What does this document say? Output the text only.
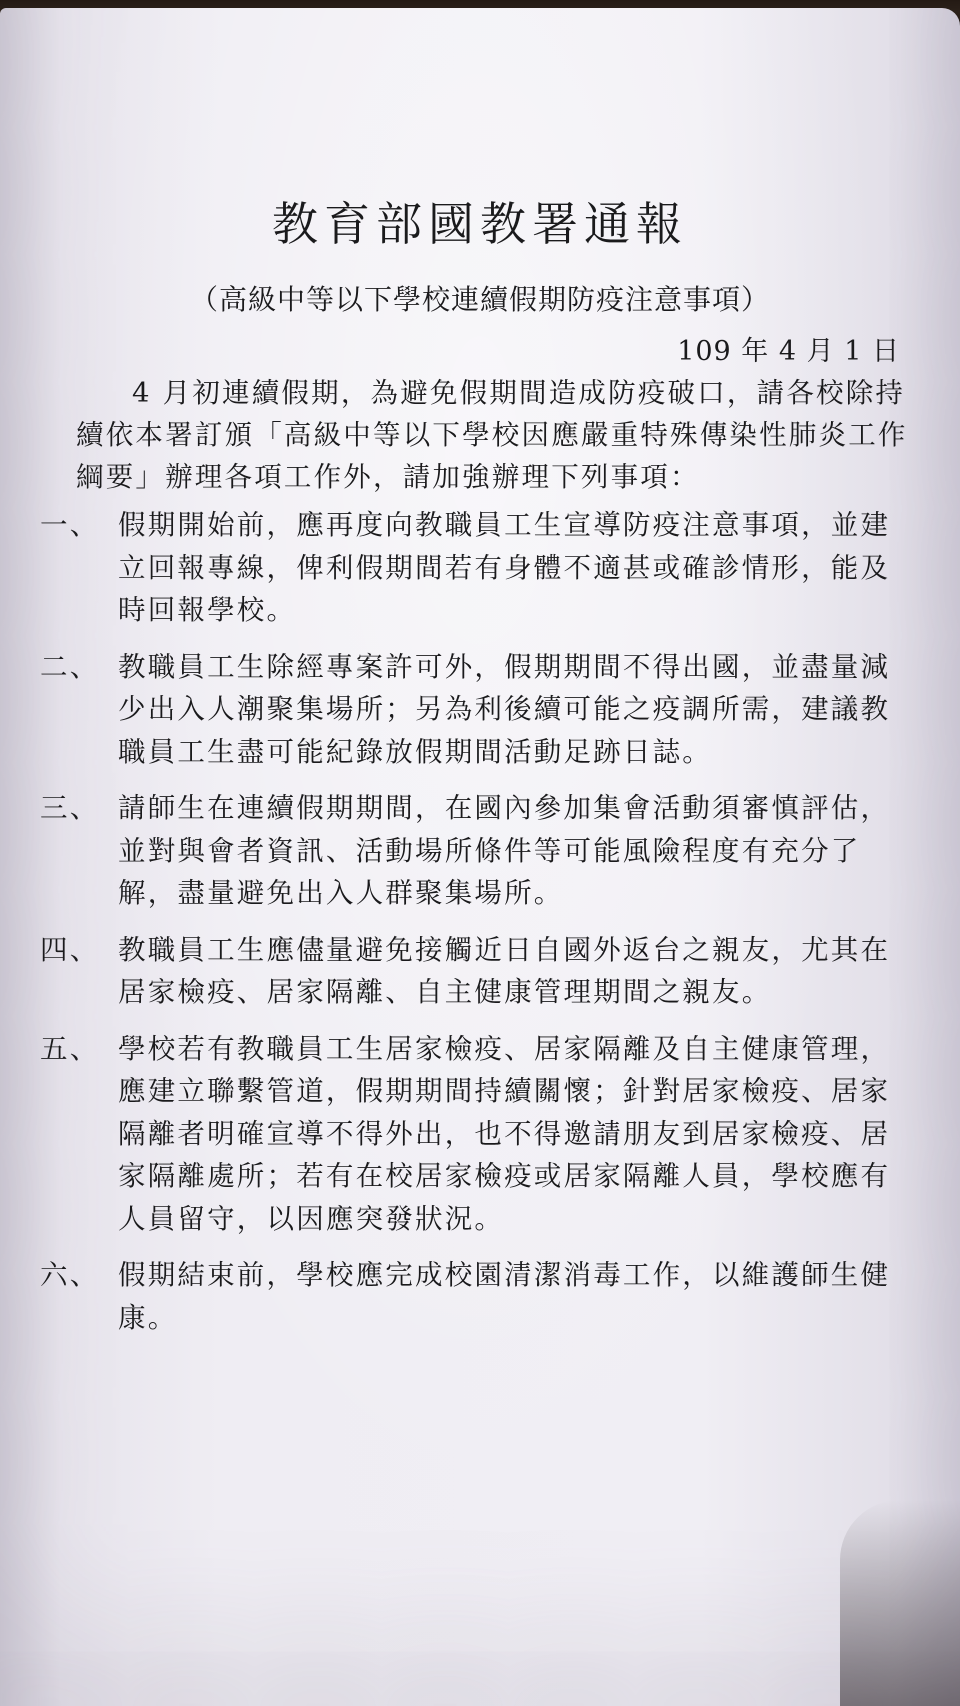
教育部國教署通報
（高級中等以下學校連續假期防疫注意事項）
109 年 4 月 1 日

4 月初連續假期，為避免假期間造成防疫破口，請各校除持續依本署訂頒「高級中等以下學校因應嚴重特殊傳染性肺炎工作綱要」辦理各項工作外，請加強辦理下列事項：

一、 假期開始前，應再度向教職員工生宣導防疫注意事項，並建
立回報專線，俾利假期間若有身體不適甚或確診情形，能及
時回報學校。

二、 教職員工生除經專案許可外，假期期間不得出國，並盡量減
少出入人潮聚集場所；另為利後續可能之疫調所需，建議教
職員工生盡可能紀錄放假期間活動足跡日誌。

三、 請師生在連續假期期間，在國內參加集會活動須審慎評估，
並對與會者資訊、活動場所條件等可能風險程度有充分了
解，盡量避免出入人群聚集場所。

四、 教職員工生應儘量避免接觸近日自國外返台之親友，尤其在
居家檢疫、居家隔離、自主健康管理期間之親友。

五、 學校若有教職員工生居家檢疫、居家隔離及自主健康管理，
應建立聯繫管道，假期期間持續關懷；針對居家檢疫、居家
隔離者明確宣導不得外出，也不得邀請朋友到居家檢疫、居
家隔離處所；若有在校居家檢疫或居家隔離人員，學校應有
人員留守，以因應突發狀況。

六、 假期結束前，學校應完成校園清潔消毒工作，以維護師生健
康。
